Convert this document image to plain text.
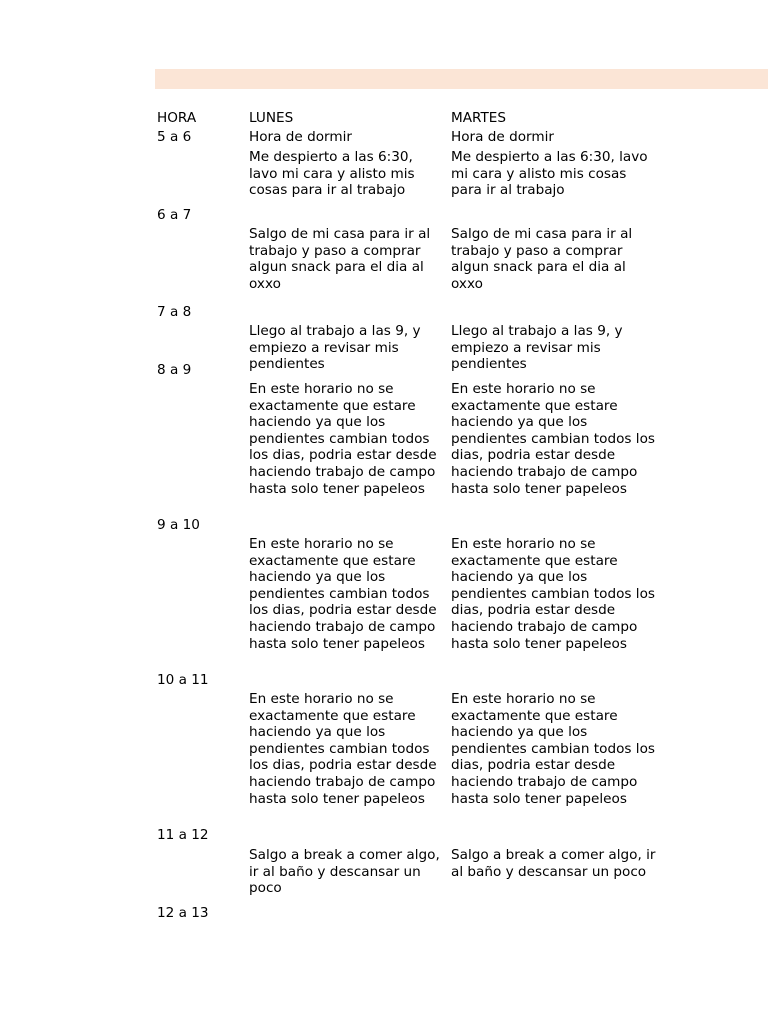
HORA	LUNES	MARTES

5 a 6

6 a 7

7 a 8

8 a 9

9 a 10

10 a 11

11 a 12

12 a 13

Hora de dormir

Me despierto a las 6:30,
lavo mi cara y alisto mis
cosas para ir al trabajo

Salgo de mi casa para ir al
trabajo y paso a comprar
algun snack para el dia al
oxxo

Llego al trabajo a las 9, y
empiezo a revisar mis
pendientes

En este horario no se
exactamente que estare
haciendo ya que los
pendientes cambian todos
los dias, podria estar desde
haciendo trabajo de campo
hasta solo tener papeleos

En este horario no se
exactamente que estare
haciendo ya que los
pendientes cambian todos
los dias, podria estar desde
haciendo trabajo de campo
hasta solo tener papeleos

En este horario no se
exactamente que estare
haciendo ya que los
pendientes cambian todos
los dias, podria estar desde
haciendo trabajo de campo
hasta solo tener papeleos

Salgo a break a comer algo,
ir al baño y descansar un
poco

Hora de dormir

Me despierto a las 6:30, lavo
mi cara y alisto mis cosas
para ir al trabajo

Salgo de mi casa para ir al
trabajo y paso a comprar
algun snack para el dia al
oxxo

Llego al trabajo a las 9, y
empiezo a revisar mis
pendientes

En este horario no se
exactamente que estare
haciendo ya que los
pendientes cambian todos los
dias, podria estar desde
haciendo trabajo de campo
hasta solo tener papeleos

En este horario no se
exactamente que estare
haciendo ya que los
pendientes cambian todos los
dias, podria estar desde
haciendo trabajo de campo
hasta solo tener papeleos

En este horario no se
exactamente que estare
haciendo ya que los
pendientes cambian todos los
dias, podria estar desde
haciendo trabajo de campo
hasta solo tener papeleos

Salgo a break a comer algo, ir
al baño y descansar un poco
